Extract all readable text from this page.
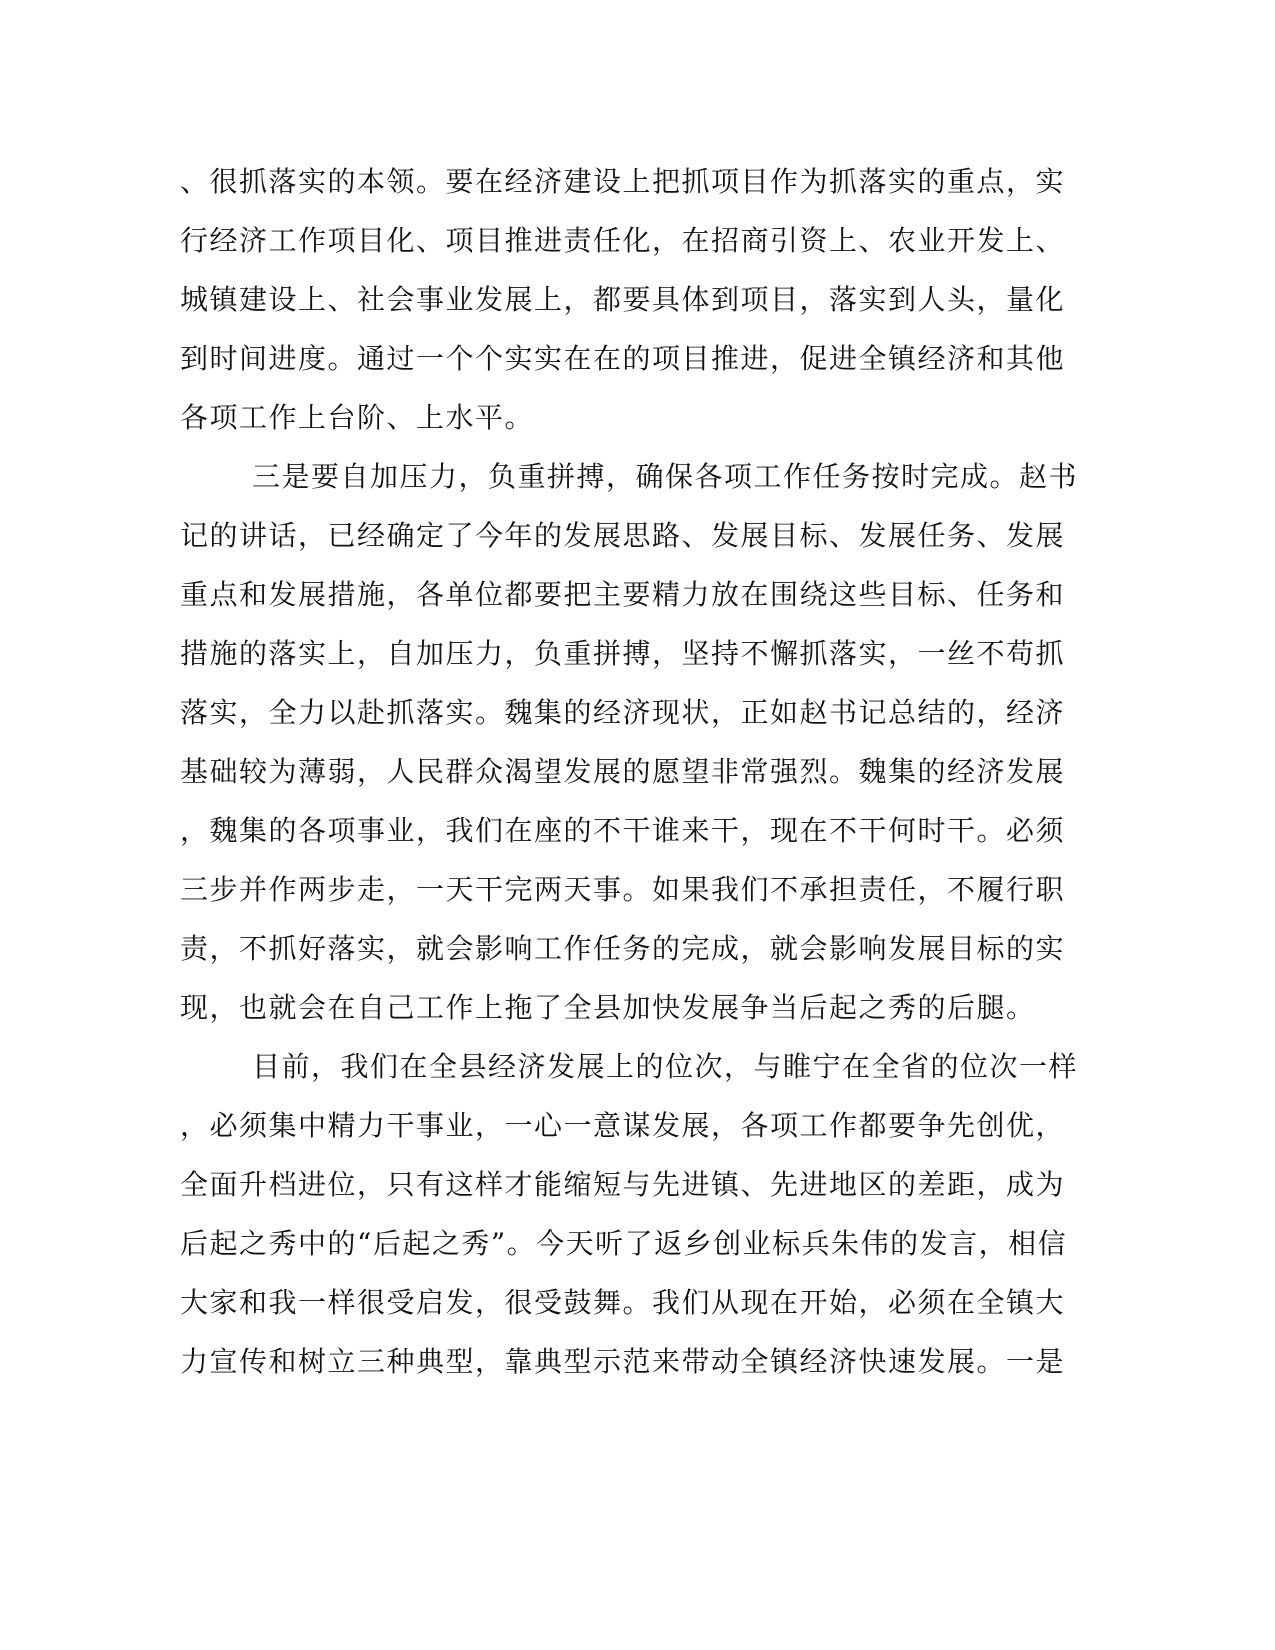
、很抓落实的本领。要在经济建设上把抓项目作为抓落实的重点，实
行经济工作项目化、项目推进责任化，在招商引资上、农业开发上、
城镇建设上、社会事业发展上，都要具体到项目，落实到人头，量化
到时间进度。通过一个个实实在在的项目推进，促进全镇经济和其他
各项工作上台阶、上水平。
三是要自加压力，负重拼搏，确保各项工作任务按时完成。赵书
记的讲话，已经确定了今年的发展思路、发展目标、发展任务、发展
重点和发展措施，各单位都要把主要精力放在围绕这些目标、任务和
措施的落实上，自加压力，负重拼搏，坚持不懈抓落实，一丝不苟抓
落实，全力以赴抓落实。魏集的经济现状，正如赵书记总结的，经济
基础较为薄弱，人民群众渴望发展的愿望非常强烈。魏集的经济发展
，魏集的各项事业，我们在座的不干谁来干，现在不干何时干。必须
三步并作两步走，一天干完两天事。如果我们不承担责任，不履行职
责，不抓好落实，就会影响工作任务的完成，就会影响发展目标的实
现，也就会在自己工作上拖了全县加快发展争当后起之秀的后腿。
目前，我们在全县经济发展上的位次，与睢宁在全省的位次一样
，必须集中精力干事业，一心一意谋发展，各项工作都要争先创优，
全面升档进位，只有这样才能缩短与先进镇、先进地区的差距，成为
后起之秀中的“后起之秀”。今天听了返乡创业标兵朱伟的发言，相信
大家和我一样很受启发，很受鼓舞。我们从现在开始，必须在全镇大
力宣传和树立三种典型，靠典型示范来带动全镇经济快速发展。一是
